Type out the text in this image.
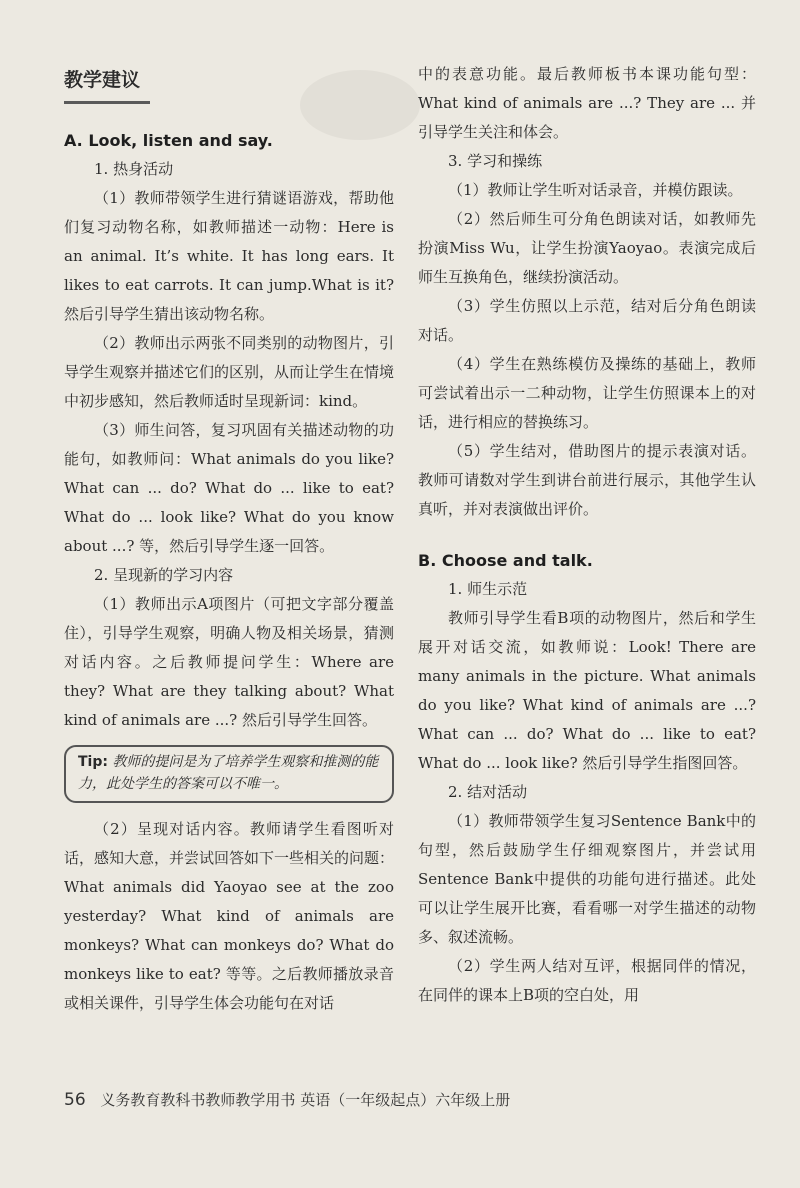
教学建议

A. Look, listen and say.

1. 热身活动

（1）教师带领学生进行猜谜语游戏，帮助他们复习动物名称，如教师描述一动物：Here is an animal. It’s white. It has long ears. It likes to eat carrots. It can jump.What is it?然后引导学生猜出该动物名称。

（2）教师出示两张不同类别的动物图片，引导学生观察并描述它们的区别，从而让学生在情境中初步感知，然后教师适时呈现新词：kind。

（3）师生问答，复习巩固有关描述动物的功能句，如教师问：What animals do you like? What can ... do? What do ... like to eat? What do ... look like? What do you know about ...? 等，然后引导学生逐一回答。

2. 呈现新的学习内容

（1）教师出示A项图片（可把文字部分覆盖住），引导学生观察，明确人物及相关场景，猜测对话内容。之后教师提问学生：Where are they? What are they talking about? What kind of animals are ...? 然后引导学生回答。

Tip: 教师的提问是为了培养学生观察和推测的能力，此处学生的答案可以不唯一。

（2）呈现对话内容。教师请学生看图听对话，感知大意，并尝试回答如下一些相关的问题：What animals did Yaoyao see at the zoo yesterday? What kind of animals are monkeys? What can monkeys do? What do monkeys like to eat? 等等。之后教师播放录音或相关课件，引导学生体会功能句在对话

中的表意功能。最后教师板书本课功能句型：What kind of animals are ...? They are ... 并引导学生关注和体会。

3. 学习和操练

（1）教师让学生听对话录音，并模仿跟读。

（2）然后师生可分角色朗读对话，如教师先扮演Miss Wu，让学生扮演Yaoyao。表演完成后师生互换角色，继续扮演活动。

（3）学生仿照以上示范，结对后分角色朗读对话。

（4）学生在熟练模仿及操练的基础上，教师可尝试着出示一二种动物，让学生仿照课本上的对话，进行相应的替换练习。

（5）学生结对，借助图片的提示表演对话。教师可请数对学生到讲台前进行展示，其他学生认真听，并对表演做出评价。

B. Choose and talk.

1. 师生示范

教师引导学生看B项的动物图片，然后和学生展开对话交流，如教师说：Look! There are many animals in the picture. What animals do you like? What kind of animals are ...? What can ... do? What do ... like to eat? What do ... look like? 然后引导学生指图回答。

2. 结对活动

（1）教师带领学生复习Sentence Bank中的句型，然后鼓励学生仔细观察图片，并尝试用Sentence Bank中提供的功能句进行描述。此处可以让学生展开比赛，看看哪一对学生描述的动物多、叙述流畅。

（2）学生两人结对互评，根据同伴的情况，在同伴的课本上B项的空白处，用

56 义务教育教科书教师教学用书 英语（一年级起点）六年级上册
